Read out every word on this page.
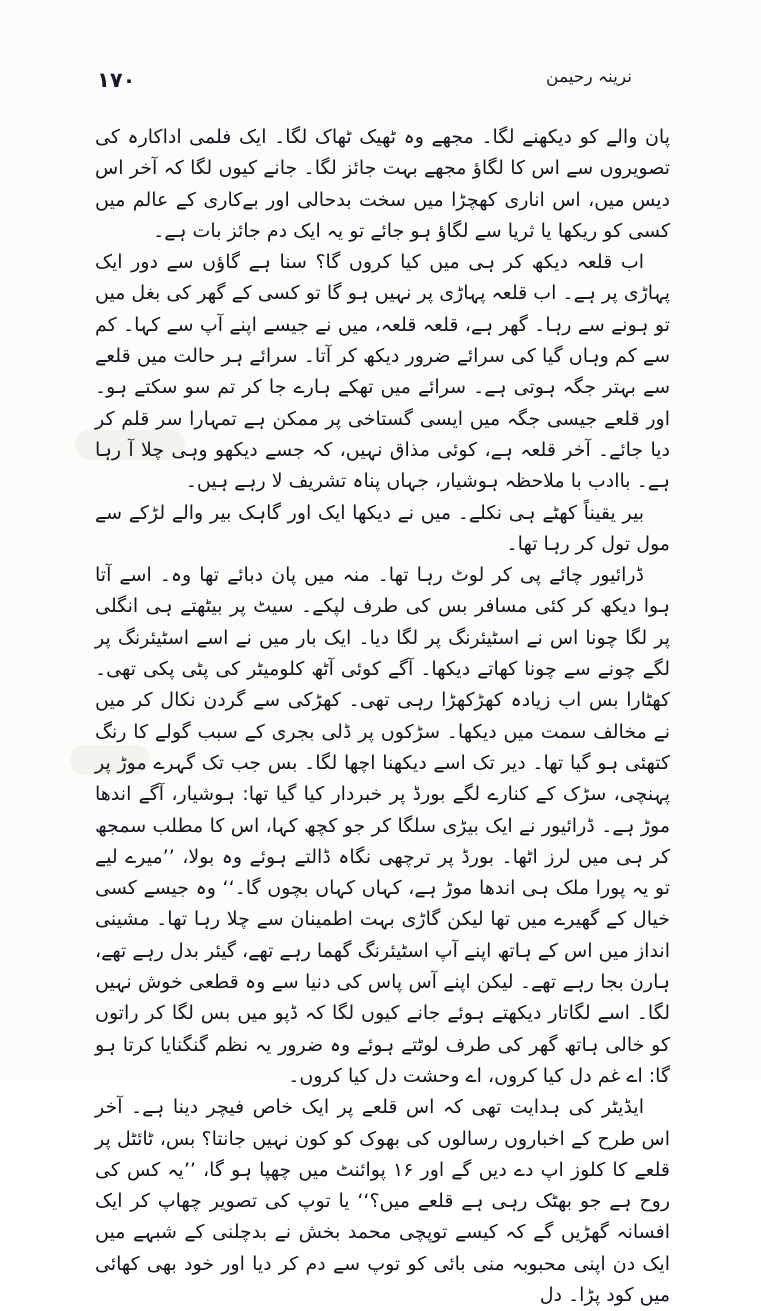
۱۷۰	نرینہ رحیمن

پان والے کو دیکھنے لگا۔ مجھے وہ ٹھیک ٹھاک لگا۔ ایک فلمی اداکارہ کی تصویروں سے اس کا لگاؤ مجھے بہت جائز لگا۔ جانے کیوں لگا کہ آخر اس دیس میں، اس اناری کھچڑا میں سخت بدحالی اور بےکاری کے عالم میں کسی کو ریکھا یا ثریا سے لگاؤ ہو جائے تو یہ ایک دم جائز بات ہے۔

اب قلعہ دیکھ کر ہی میں کیا کروں گا؟ سنا ہے گاؤں سے دور ایک پہاڑی پر ہے۔ اب قلعہ پہاڑی پر نہیں ہو گا تو کسی کے گھر کی بغل میں تو ہونے سے رہا۔ گھر ہے، قلعہ قلعہ، میں نے جیسے اپنے آپ سے کہا۔ کم سے کم وہاں گیا کی سرائے ضرور دیکھ کر آتا۔ سرائے ہر حالت میں قلعے سے بہتر جگہ ہوتی ہے۔ سرائے میں تھکے ہارے جا کر تم سو سکتے ہو۔ اور قلعے جیسی جگہ میں ایسی گستاخی پر ممکن ہے تمہارا سر قلم کر دیا جائے۔ آخر قلعہ ہے، کوئی مذاق نہیں، کہ جسے دیکھو وہی چلا آ رہا ہے۔ باادب با ملاحظہ ہوشیار، جہاں پناہ تشریف لا رہے ہیں۔

بیر یقیناً کھٹے ہی نکلے۔ میں نے دیکھا ایک اور گاہک بیر والے لڑکے سے مول تول کر رہا تھا۔

ڈرائیور چائے پی کر لوٹ رہا تھا۔ منہ میں پان دبائے تھا وہ۔ اسے آتا ہوا دیکھ کر کئی مسافر بس کی طرف لپکے۔ سیٹ پر بیٹھتے ہی انگلی پر لگا چونا اس نے اسٹیئرنگ پر لگا دیا۔ ایک بار میں نے اسے اسٹیئرنگ پر لگے چونے سے چونا کھاتے دیکھا۔ آگے کوئی آٹھ کلومیٹر کی پٹی پکی تھی۔ کھٹارا بس اب زیادہ کھڑکھڑا رہی تھی۔ کھڑکی سے گردن نکال کر میں نے مخالف سمت میں دیکھا۔ سڑکوں پر ڈلی بجری کے سبب گولے کا رنگ کتھئی ہو گیا تھا۔ دیر تک اسے دیکھنا اچھا لگا۔ بس جب تک گہرے موڑ پر پہنچی، سڑک کے کنارے لگے بورڈ پر خبردار کیا گیا تھا: ہوشیار، آگے اندھا موڑ ہے۔ ڈرائیور نے ایک بیڑی سلگا کر جو کچھ کہا، اس کا مطلب سمجھ کر ہی میں لرز اٹھا۔ بورڈ پر ترچھی نگاہ ڈالتے ہوئے وہ بولا، ’’میرے لیے تو یہ پورا ملک ہی اندھا موڑ ہے، کہاں کہاں بچوں گا۔‘‘ وہ جیسے کسی خیال کے گھیرے میں تھا لیکن گاڑی بہت اطمینان سے چلا رہا تھا۔ مشینی انداز میں اس کے ہاتھ اپنے آپ اسٹیئرنگ گھما رہے تھے، گیئر بدل رہے تھے، ہارن بجا رہے تھے۔ لیکن اپنے آس پاس کی دنیا سے وہ قطعی خوش نہیں لگا۔ اسے لگاتار دیکھتے ہوئے جانے کیوں لگا کہ ڈپو میں بس لگا کر راتوں کو خالی ہاتھ گھر کی طرف لوٹتے ہوئے وہ ضرور یہ نظم گنگنایا کرتا ہو گا: اے غم دل کیا کروں، اے وحشت دل کیا کروں۔

ایڈیٹر کی ہدایت تھی کہ اس قلعے پر ایک خاص فیچر دینا ہے۔ آخر اس طرح کے اخباروں رسالوں کی بھوک کو کون نہیں جانتا؟ بس، ٹائٹل پر قلعے کا کلوز اپ دے دیں گے اور ۱۶ پوائنٹ میں چھپا ہو گا، ’’یہ کس کی روح ہے جو بھٹک رہی ہے قلعے میں؟‘‘ یا توپ کی تصویر چھاپ کر ایک افسانہ گھڑیں گے کہ کیسے توپچی محمد بخش نے بدچلنی کے شبہے میں ایک دن اپنی محبوبہ منی بائی کو توپ سے دم کر دیا اور خود بھی کھائی میں کود پڑا۔ دل
